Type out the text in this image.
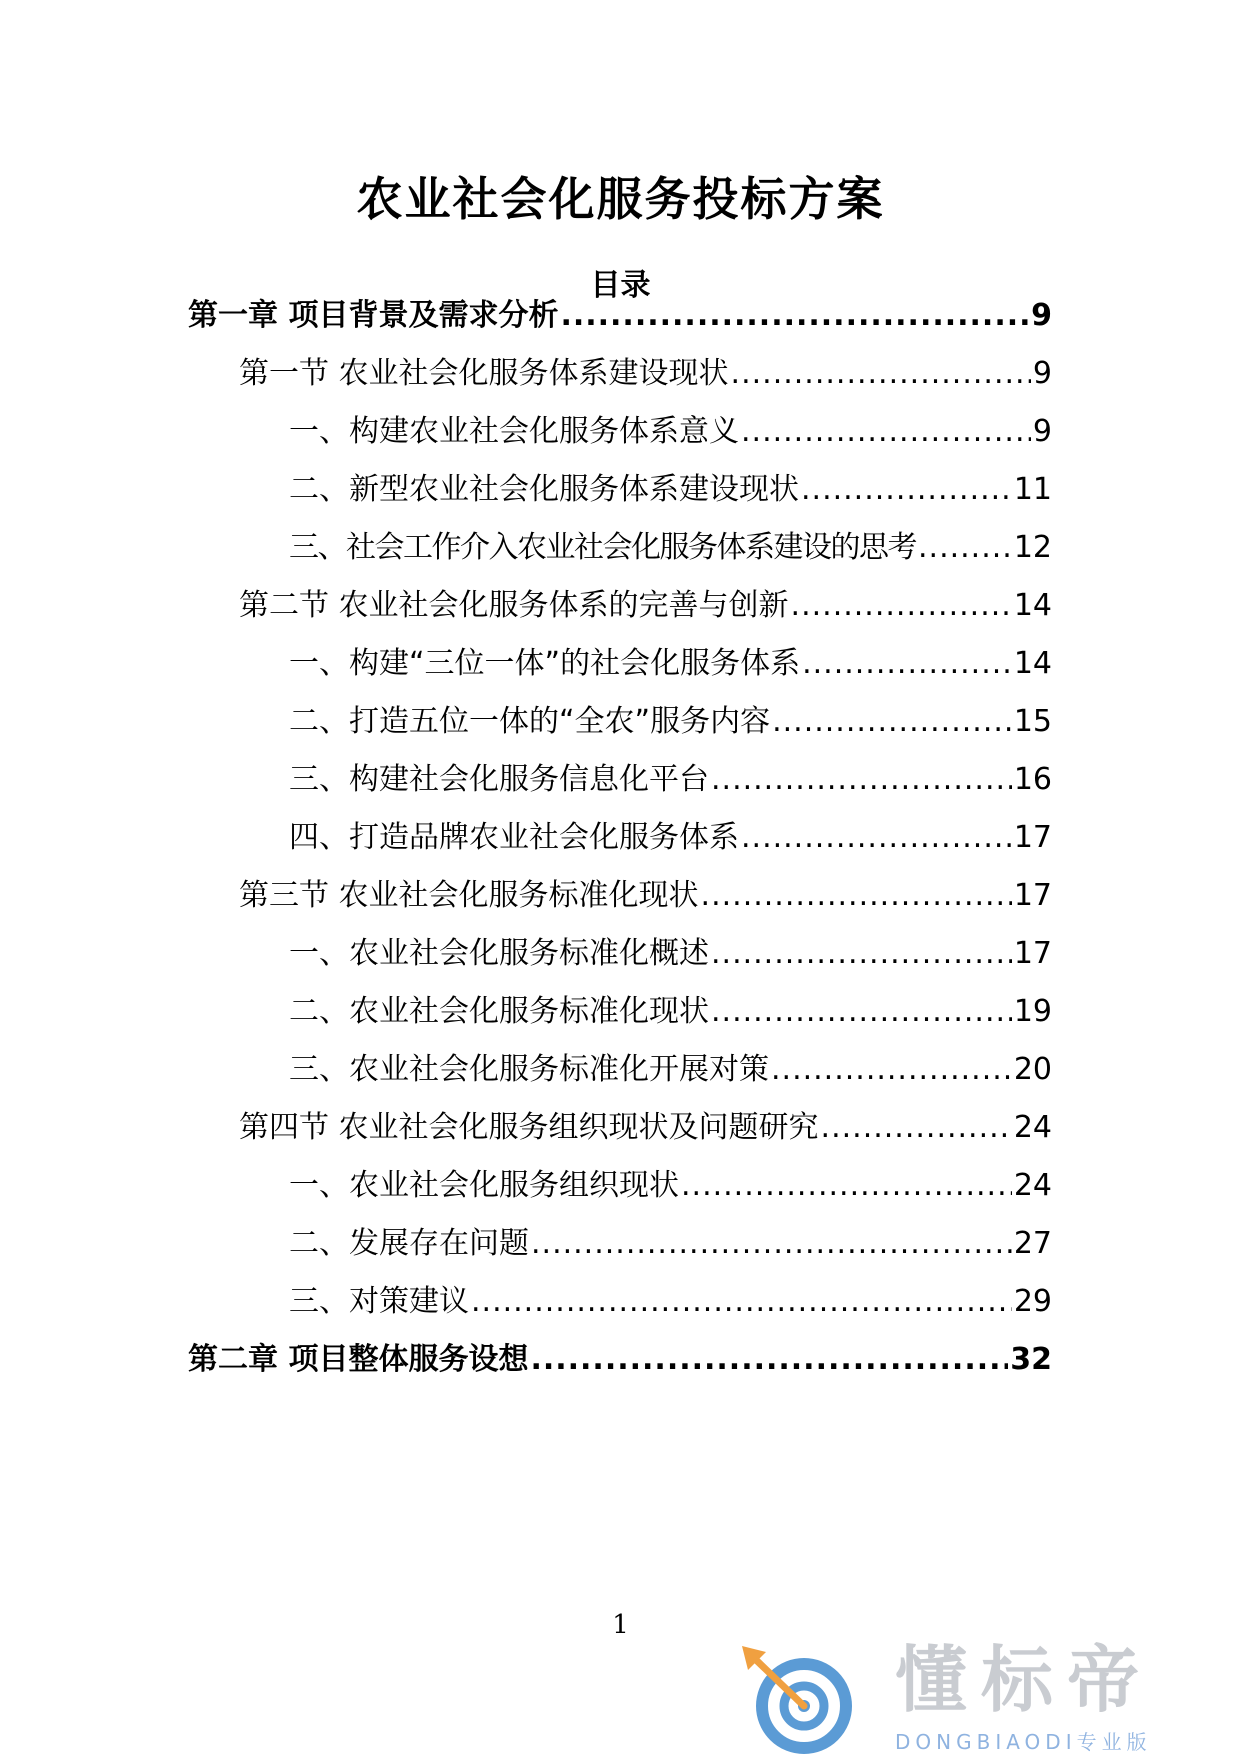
农业社会化服务投标方案
目录
第一章 项目背景及需求分析 .....	9
第一节 农业社会化服务体系建设现状 .....	9
一、构建农业社会化服务体系意义 .....	9
二、新型农业社会化服务体系建设现状 .....	11
三、社会工作介入农业社会化服务体系建设的思考 .....	12
第二节 农业社会化服务体系的完善与创新 .....	14
一、构建“三位一体”的社会化服务体系 .....	14
二、打造五位一体的“全农”服务内容 .....	15
三、构建社会化服务信息化平台 .....	16
四、打造品牌农业社会化服务体系 .....	17
第三节 农业社会化服务标准化现状 .....	17
一、农业社会化服务标准化概述 .....	17
二、农业社会化服务标准化现状 .....	19
三、农业社会化服务标准化开展对策 .....	20
第四节 农业社会化服务组织现状及问题研究 .....	24
一、农业社会化服务组织现状 .....	24
二、发展存在问题 .....	27
三、对策建议 .....	29
第二章 项目整体服务设想 .....	32
1
懂标帝
DONGBIAODI专业版
